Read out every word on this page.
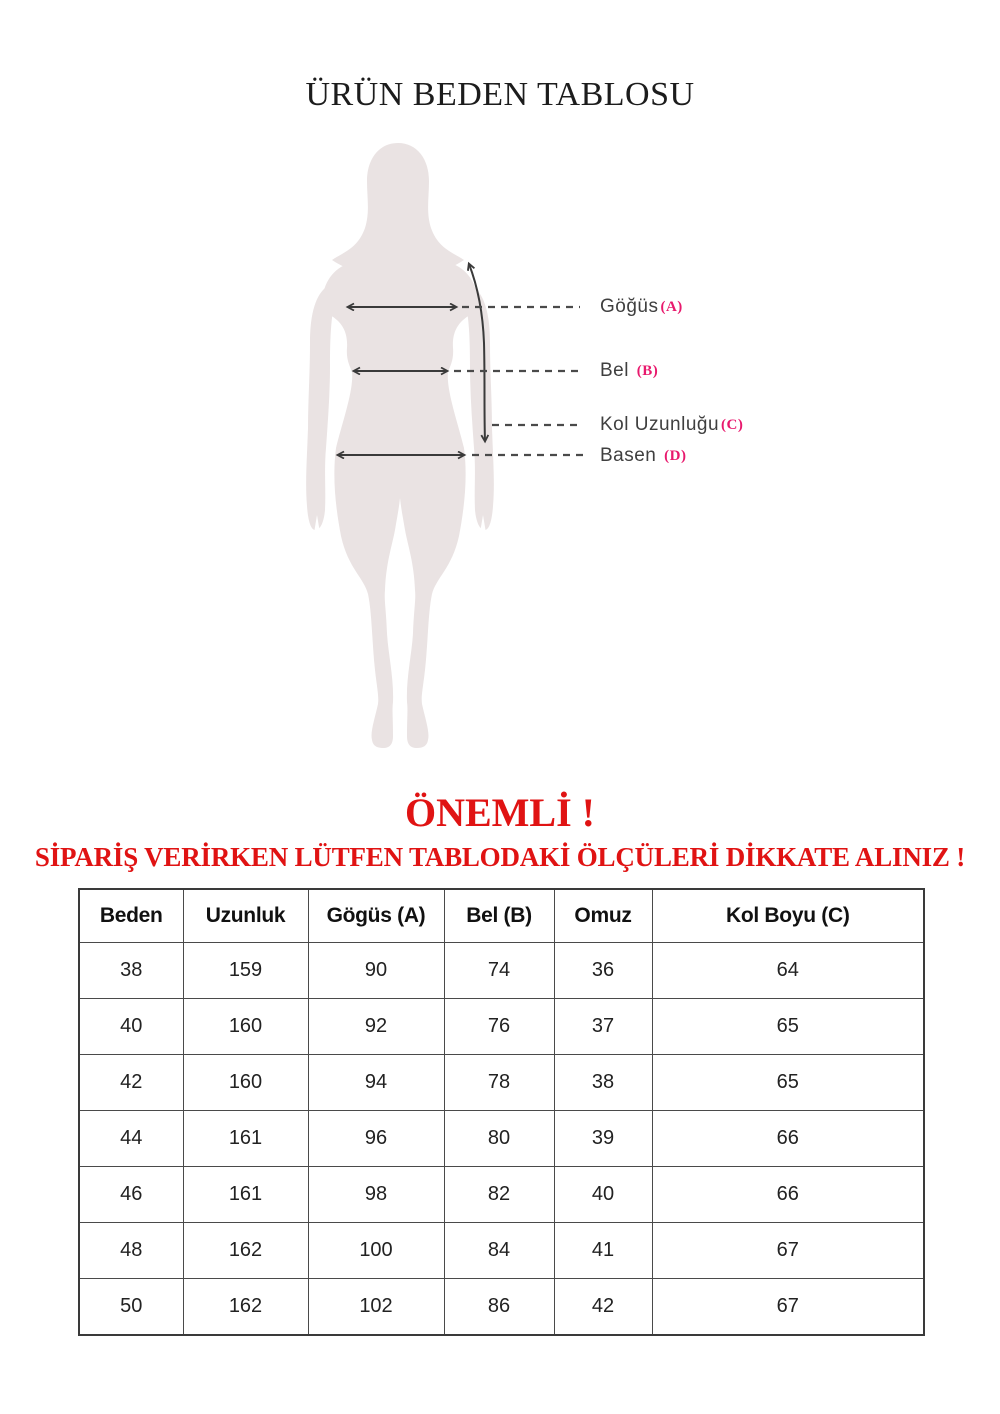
ÜRÜN BEDEN TABLOSU
Göğüs (A)
Bel (B)
Kol Uzunluğu (C)
Basen (D)
ÖNEMLİ !
SİPARİŞ VERİRKEN LÜTFEN TABLODAKİ ÖLÇÜLERİ DİKKATE ALINIZ !
Beden	Uzunluk	Gögüs (A)	Bel (B)	Omuz	Kol Boyu (C)
38	159	90	74	36	64
40	160	92	76	37	65
42	160	94	78	38	65
44	161	96	80	39	66
46	161	98	82	40	66
48	162	100	84	41	67
50	162	102	86	42	67
